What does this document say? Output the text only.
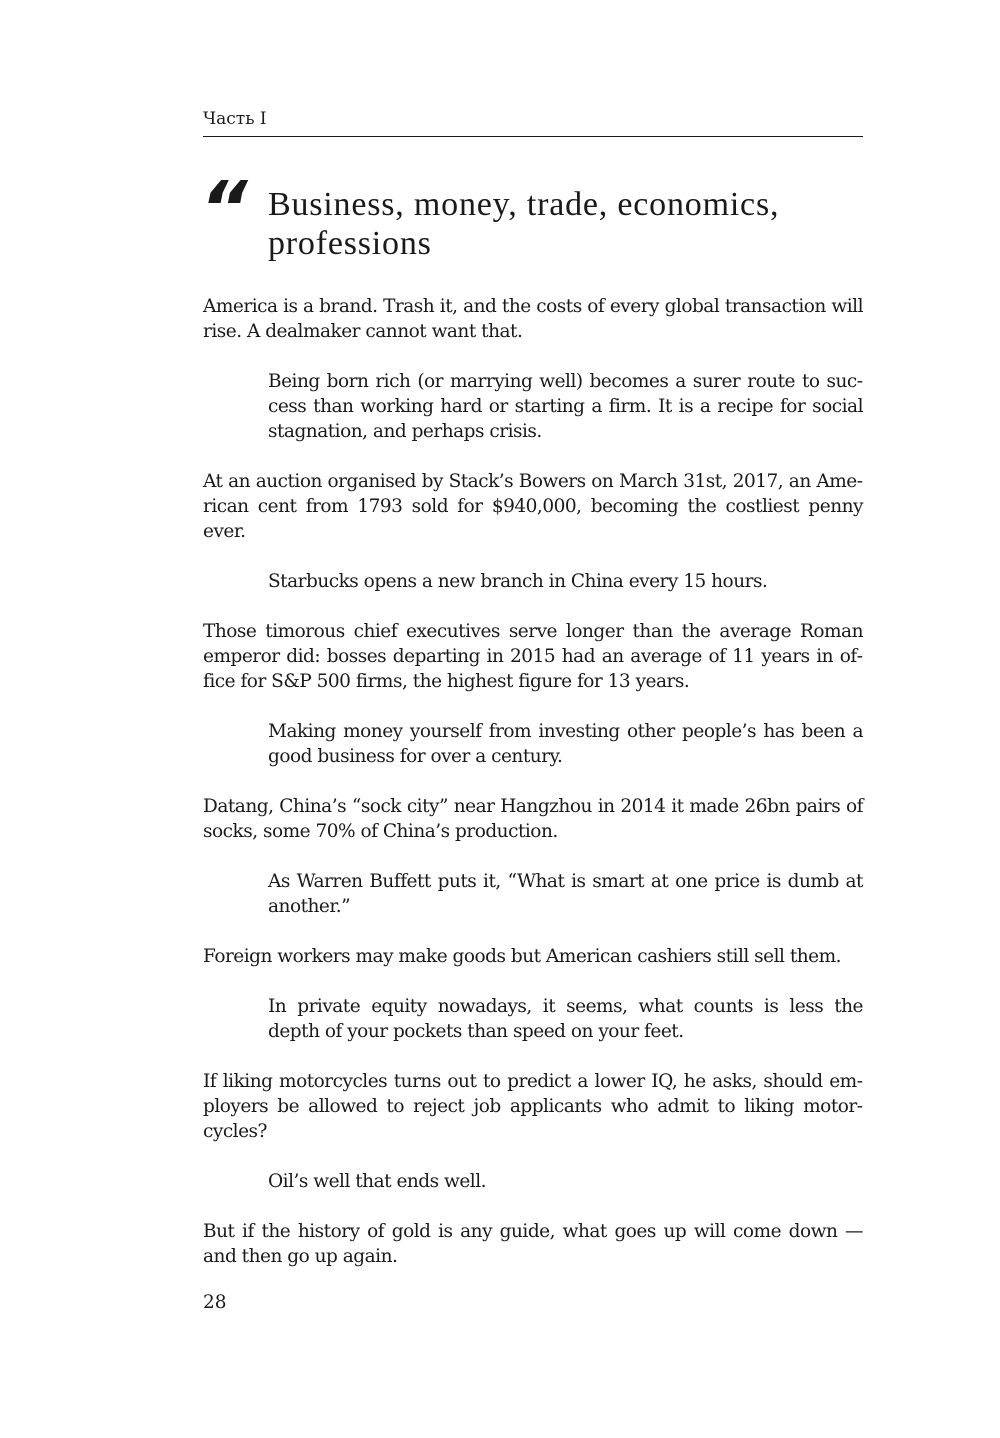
Часть I
“ Business, money, trade, economics, professions

America is a brand. Trash it, and the costs of every global transaction will rise. A dealmaker cannot want that.

Being born rich (or marrying well) becomes a surer route to success than working hard or starting a firm. It is a recipe for social stagnation, and perhaps crisis.

At an auction organised by Stack’s Bowers on March 31st, 2017, an American cent from 1793 sold for $940,000, becoming the costliest penny ever.

Starbucks opens a new branch in China every 15 hours.

Those timorous chief executives serve longer than the average Roman emperor did: bosses departing in 2015 had an average of 11 years in office for S&P 500 firms, the highest figure for 13 years.

Making money yourself from investing other people’s has been a good business for over a century.

Datang, China’s “sock city” near Hangzhou in 2014 it made 26bn pairs of socks, some 70% of China’s production.

As Warren Buffett puts it, “What is smart at one price is dumb at another.”

Foreign workers may make goods but American cashiers still sell them.

In private equity nowadays, it seems, what counts is less the depth of your pockets than speed on your feet.

If liking motorcycles turns out to predict a lower IQ, he asks, should employers be allowed to reject job applicants who admit to liking motorcycles?

Oil’s well that ends well.

But if the history of gold is any guide, what goes up will come down — and then go up again.

28
